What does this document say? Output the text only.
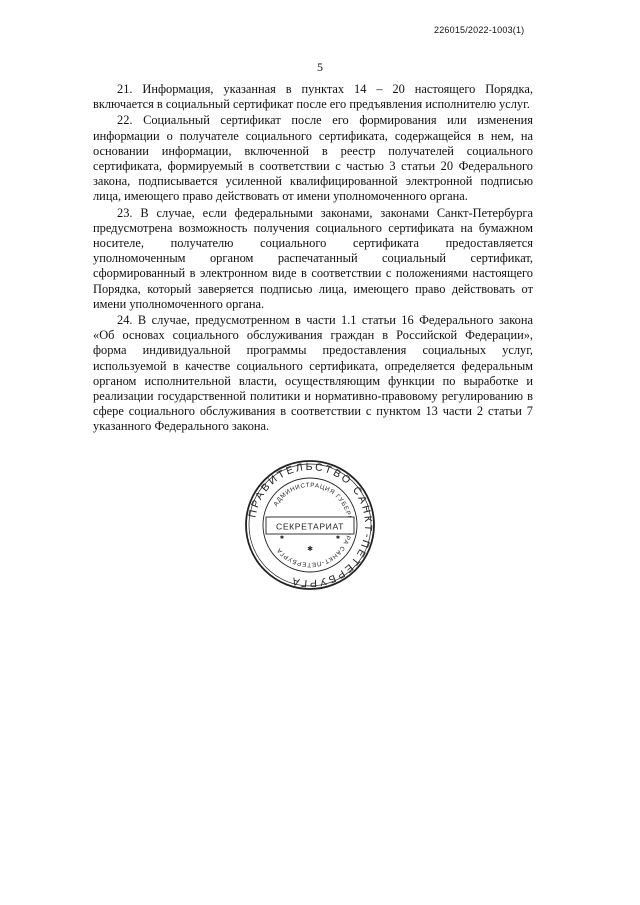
226015/2022-1003(1)
5

21. Информация, указанная в пунктах 14 – 20 настоящего Порядка, включается в социальный сертификат после его предъявления исполнителю услуг.

22. Социальный сертификат после его формирования или изменения информации о получателе социального сертификата, содержащейся в нем, на основании информации, включенной в реестр получателей социального сертификата, формируемый в соответствии с частью 3 статьи 20 Федерального закона, подписывается усиленной квалифицированной электронной подписью лица, имеющего право действовать от имени уполномоченного органа.

23. В случае, если федеральными законами, законами Санкт-Петербурга предусмотрена возможность получения социального сертификата на бумажном носителе, получателю социального сертификата предоставляется уполномоченным органом распечатанный социальный сертификат, сформированный в электронном виде в соответствии с положениями настоящего Порядка, который заверяется подписью лица, имеющего право действовать от имени уполномоченного органа.

24. В случае, предусмотренном в части 1.1 статьи 16 Федерального закона «Об основах социального обслуживания граждан в Российской Федерации», форма индивидуальной программы предоставления социальных услуг, используемой в качестве социального сертификата, определяется федеральным органом исполнительной власти, осуществляющим функции по выработке и реализации государственной политики и нормативно-правовому регулированию в сфере социального обслуживания в соответствии с пунктом 13 части 2 статьи 7 указанного Федерального закона.

ПРАВИТЕЛЬСТВО САНКТ-ПЕТЕРБУРГА
АДМИНИСТРАЦИЯ ГУБЕР РА САНКТ-ПЕТЕРБУРГА
СЕКРЕТАРИАТ
✱
✱	✱
